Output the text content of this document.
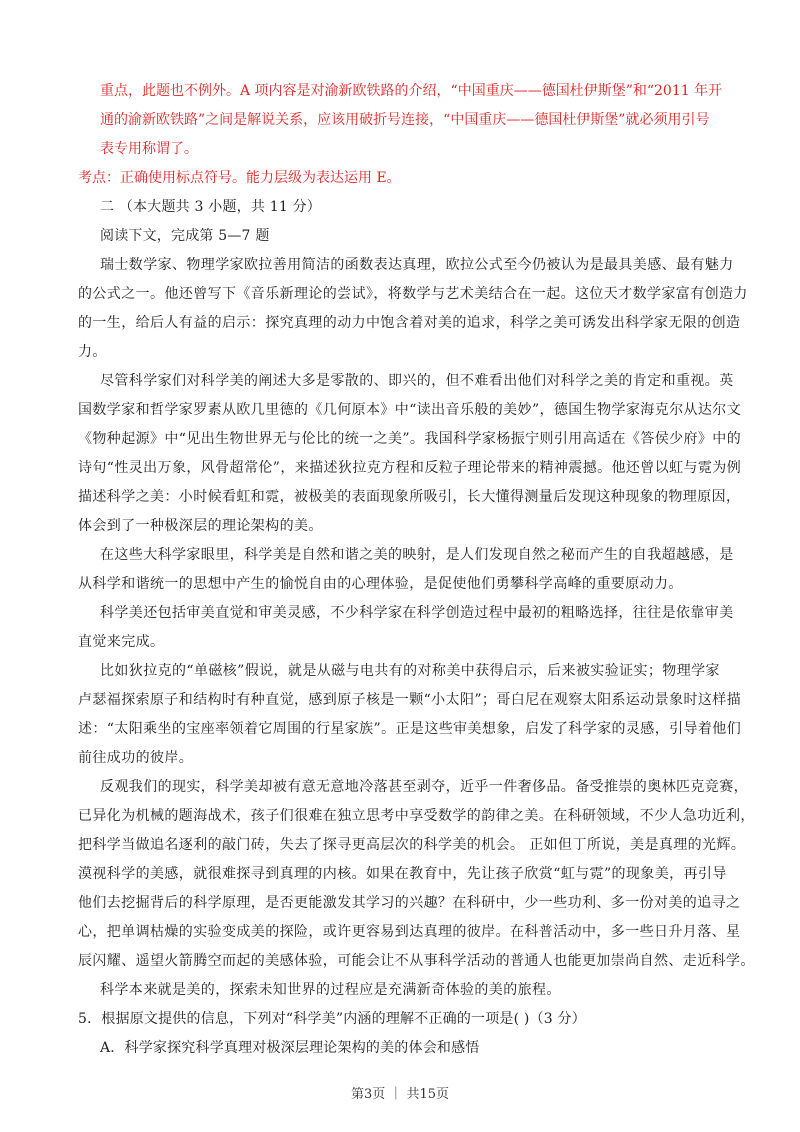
重点，此题也不例外。A 项内容是对渝新欧铁路的介绍，“中国重庆——德国杜伊斯堡”和“2011 年开
通的渝新欧铁路”之间是解说关系，应该用破折号连接，“中国重庆——德国杜伊斯堡”就必须用引号
表专用称谓了。
考点：正确使用标点符号。能力层级为表达运用 E。
二 （本大题共 3 小题，共 11 分）
阅读下文，完成第 5—7 题
瑞士数学家、物理学家欧拉善用简洁的函数表达真理，欧拉公式至今仍被认为是最具美感、最有魅力
的公式之一。他还曾写下《音乐新理论的尝试》，将数学与艺术美结合在一起。这位天才数学家富有创造力
的一生，给后人有益的启示：探究真理的动力中饱含着对美的追求，科学之美可诱发出科学家无限的创造
力。
尽管科学家们对科学美的阐述大多是零散的、即兴的，但不难看出他们对科学之美的肯定和重视。英
国数学家和哲学家罗素从欧几里德的《几何原本》中“读出音乐般的美妙”，德国生物学家海克尔从达尔文
《物种起源》中“见出生物世界无与伦比的统一之美”。我国科学家杨振宁则引用高适在《答侯少府》中的
诗句“性灵出万象，风骨超常伦”，来描述狄拉克方程和反粒子理论带来的精神震撼。他还曾以虹与霓为例
描述科学之美：小时候看虹和霓，被极美的表面现象所吸引，长大懂得测量后发现这种现象的物理原因，
体会到了一种极深层的理论架构的美。
在这些大科学家眼里，科学美是自然和谐之美的映射，是人们发现自然之秘而产生的自我超越感，是
从科学和谐统一的思想中产生的愉悦自由的心理体验，是促使他们勇攀科学高峰的重要原动力。
科学美还包括审美直觉和审美灵感，不少科学家在科学创造过程中最初的粗略选择，往往是依靠审美
直觉来完成。
比如狄拉克的“单磁核”假说，就是从磁与电共有的对称美中获得启示，后来被实验证实；物理学家
卢瑟福探索原子和结构时有种直觉，感到原子核是一颗“小太阳”；哥白尼在观察太阳系运动景象时这样描
述：“太阳乘坐的宝座率领着它周围的行星家族”。正是这些审美想象，启发了科学家的灵感，引导着他们
前往成功的彼岸。
反观我们的现实，科学美却被有意无意地冷落甚至剥夺，近乎一件奢侈品。备受推崇的奥林匹克竞赛，
已异化为机械的题海战术，孩子们很难在独立思考中享受数学的韵律之美。在科研领域，不少人急功近利，
把科学当做追名逐利的敲门砖，失去了探寻更高层次的科学美的机会。 正如但丁所说，美是真理的光辉。
漠视科学的美感，就很难探寻到真理的内核。如果在教育中，先让孩子欣赏“虹与霓”的现象美，再引导
他们去挖掘背后的科学原理，是否更能激发其学习的兴趣？在科研中，少一些功利、多一份对美的追寻之
心，把单调枯燥的实验变成美的探险，或许更容易到达真理的彼岸。在科普活动中，多一些日升月落、星
辰闪耀、遥望火箭腾空而起的美感体验，可能会让不从事科学活动的普通人也能更加崇尚自然、走近科学。
科学本来就是美的，探索未知世界的过程应是充满新奇体验的美的旅程。
5．根据原文提供的信息，下列对“科学美”内涵的理解不正确的一项是( )（3 分）
A．科学家探究科学真理对极深层理论架构的美的体会和感悟
第3页 ｜ 共15页
